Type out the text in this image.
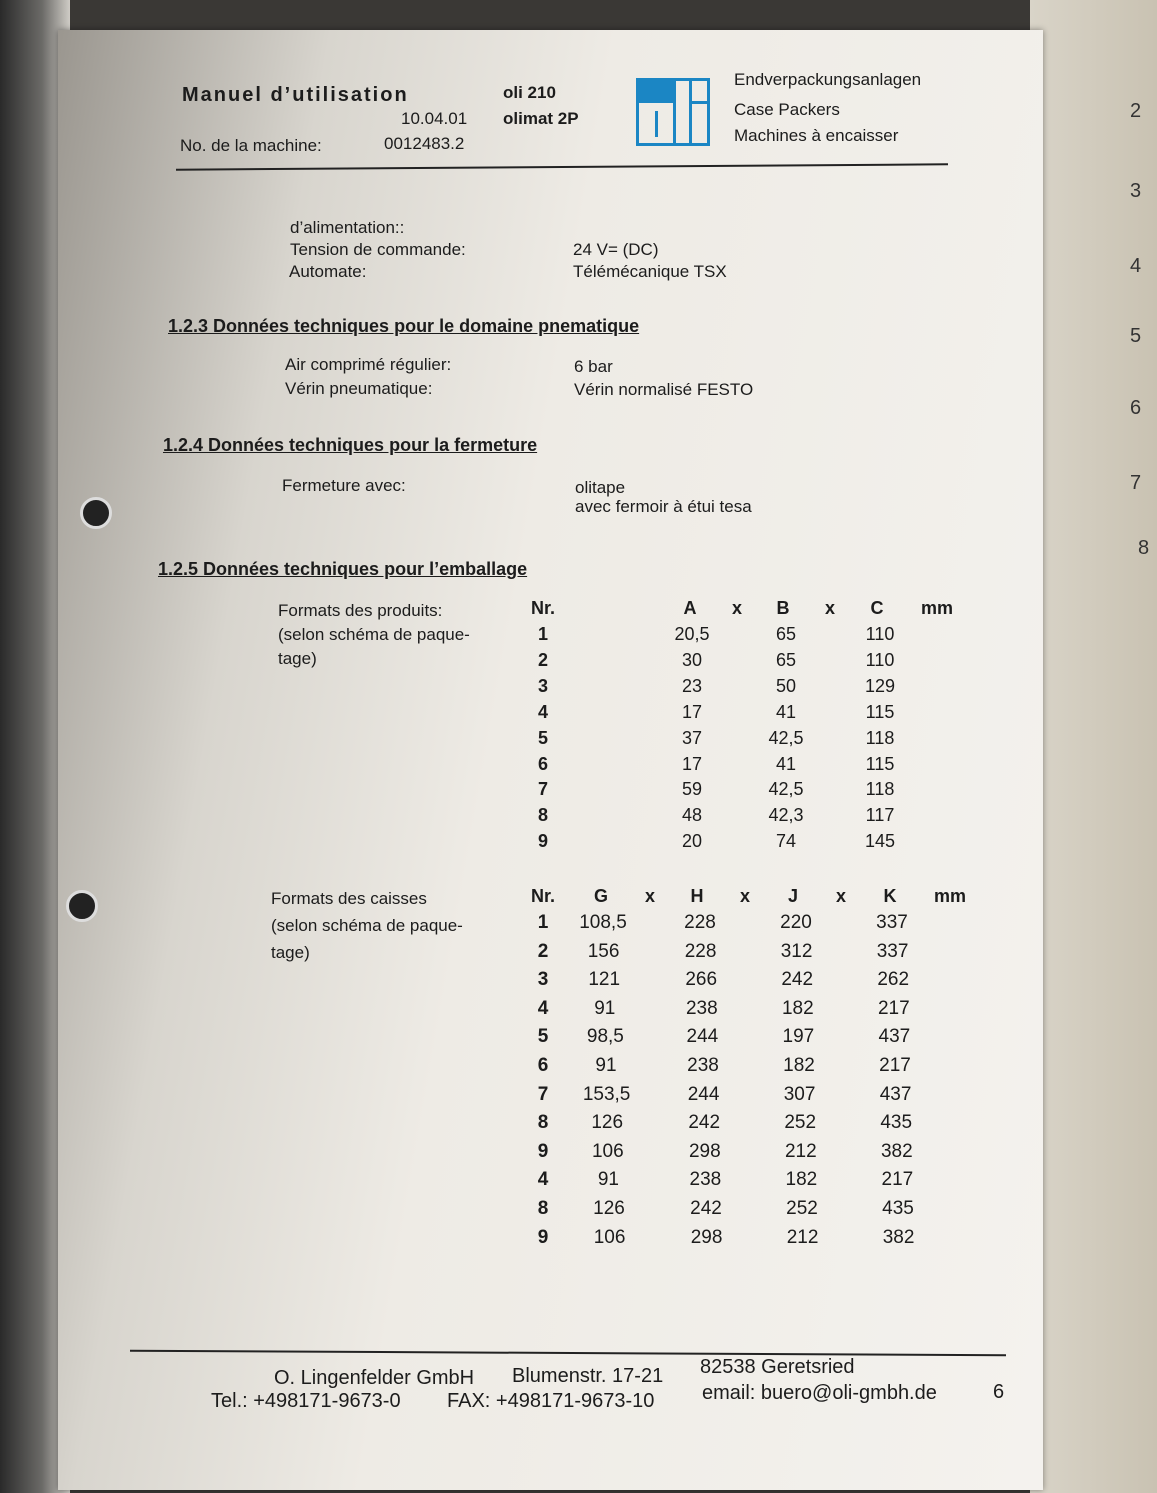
2
3
4
5
6
7
8
Manuel d’utilisation
10.04.01
oli 210
olimat 2P
No. de la machine:	0012483.2
Endverpackungsanlagen
Case Packers
Machines à encaisser
d’alimentation::
Tension de commande:	24 V= (DC)
Automate:	Télémécanique TSX
1.2.3 Données techniques pour le domaine pnematique
Air comprimé régulier:	6 bar
Vérin pneumatique:	Vérin normalisé FESTO
1.2.4 Données techniques pour la fermeture
Fermeture avec:	olitape
avec fermoir à étui tesa
1.2.5 Données techniques pour l’emballage
Formats des produits:
(selon schéma de paque-
tage)
Nr.	A	x	B	x	C	mm
1	20,5	65	110
2	30	65	110
3	23	50	129
4	17	41	115
5	37	42,5	118
6	17	41	115
7	59	42,5	118
8	48	42,3	117
9	20	74	145
Formats des caisses
(selon schéma de paque-
tage)
Nr.	G	x	H	x	J	x	K	mm
1	108,5	228	220	337
2	156	228	312	337
3	121	266	242	262
4	91	238	182	217
5	98,5	244	197	437
6	91	238	182	217
7	153,5	244	307	437
8	126	242	252	435
9	106	298	212	382
4	91	238	182	217
8	126	242	252	435
9	106	298	212	382
O. Lingenfelder GmbH Blumenstr. 17-21 82538 Geretsried
Tel.: +498171-9673-0 FAX: +498171-9673-10 email: buero@oli-gmbh.de	6
